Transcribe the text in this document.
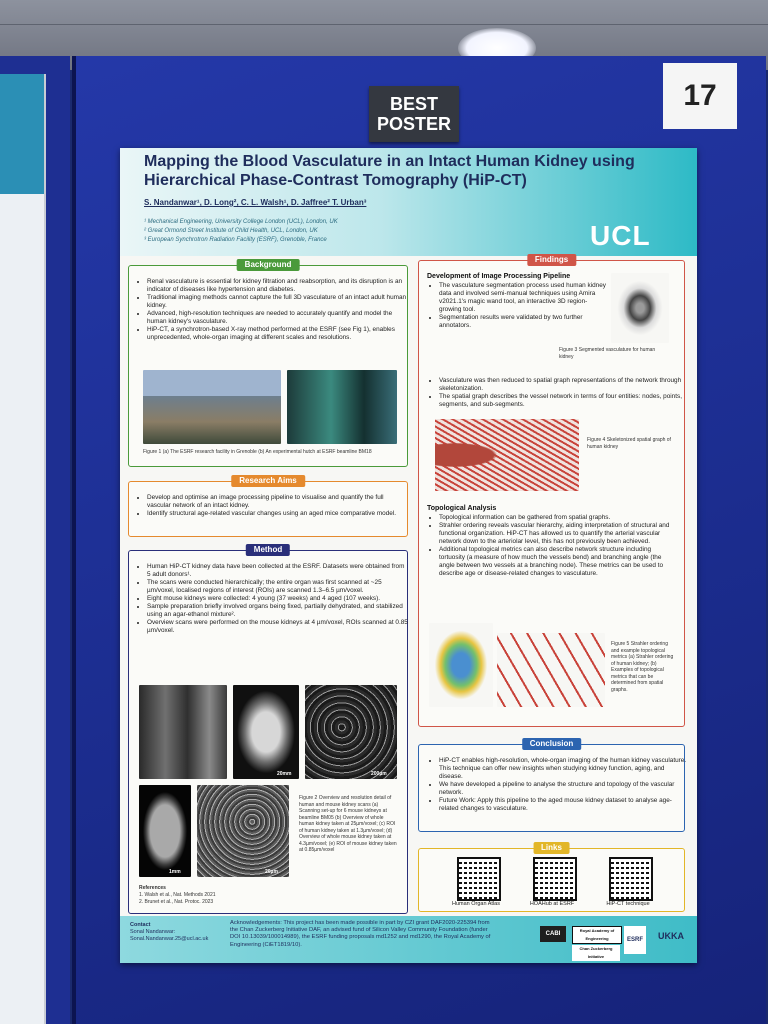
BEST
POSTER
17
Mapping the Blood Vasculature in an Intact Human Kidney using Hierarchical Phase-Contrast Tomography (HiP-CT)
S. Nandanwar¹, D. Long², C. L. Walsh¹, D. Jaffree² T. Urban³
¹ Mechanical Engineering, University College London (UCL), London, UK
² Great Ormond Street Institute of Child Health, UCL, London, UK
³ European Synchrotron Radiation Facility (ESRF), Grenoble, France	UCL
Background
• Renal vasculature is essential for kidney filtration and reabsorption, and its disruption is an indicator of diseases like hypertension and diabetes.
• Traditional imaging methods cannot capture the full 3D vasculature of an intact adult human kidney.
• Advanced, high-resolution techniques are needed to accurately quantify and model the human kidney's vasculature.
• HiP-CT, a synchrotron-based X-ray method performed at the ESRF (see Fig 1), enables unprecedented, whole-organ imaging at different scales and resolutions.
Figure 1 (a) The ESRF research facility in Grenoble (b) An experimental hutch at ESRF beamline BM18
Research Aims
• Develop and optimise an image processing pipeline to visualise and quantify the full vascular network of an intact kidney.
• Identify structural age-related vascular changes using an aged mice comparative model.
Method
• Human HiP-CT kidney data have been collected at the ESRF. Datasets were obtained from 5 adult donors¹.
• The scans were conducted hierarchically; the entire organ was first scanned at ~25 µm/voxel, localised regions of interest (ROIs) are scanned 1.3–6.5 µm/voxel.
• Eight mouse kidneys were collected: 4 young (37 weeks) and 4 aged (107 weeks).
• Sample preparation briefly involved organs being fixed, partially dehydrated, and stabilized using an agar-ethanol mixture².
• Overview scans were performed on the mouse kidneys at 4 µm/voxel, ROIs scanned at 0.85 µm/voxel.
20mm	200µm
1mm	20µm
Figure 2 Overview and resolution detail of human and mouse kidney scans (a) Scanning set-up for 6 mouse kidneys at beamline BM05 (b) Overview of whole human kidney taken at 25µm/voxel; (c) ROI of human kidney taken at 1.3µm/voxel; (d) Overview of whole mouse kidney taken at 4.3µm/voxel; (e) ROI of mouse kidney taken at 0.85µm/voxel
References
1. Walsh et al., Nat. Methods 2021
2. Brunet et al., Nat. Protoc. 2023
Findings
Development of Image Processing Pipeline
• The vasculature segmentation process used human kidney data and involved semi-manual techniques using Amira v2021.1's magic wand tool, an interactive 3D region-growing tool.
• Segmentation results were validated by two further annotators.
Figure 3 Segmented vasculature for human kidney
• Vasculature was then reduced to spatial graph representations of the network through skeletonization.
• The spatial graph describes the vessel network in terms of four entities: nodes, points, segments, and sub-segments.
Figure 4 Skeletonized spatial graph of human kidney
Topological Analysis
• Topological information can be gathered from spatial graphs.
• Strahler ordering reveals vascular hierarchy, aiding interpretation of structural and functional organization. HiP-CT has allowed us to quantify the arterial vascular network down to the arteriolar level, this has not previously been achieved.
• Additional topological metrics can also describe network structure including tortuosity (a measure of how much the vessels bend) and branching angle (the angle between two vessels at a branching node). These metrics can be used to describe age or disease-related changes to vasculature.
Figure 5 Strahler ordering and example topological metrics (a) Strahler ordering of human kidney; (b) Examples of topological metrics that can be determined from spatial graphs.
Conclusion
• HiP-CT enables high-resolution, whole-organ imaging of the human kidney vasculature. This technique can offer new insights when studying kidney function, aging, and disease.
• We have developed a pipeline to analyse the structure and topology of the vascular network.
• Future Work: Apply this pipeline to the aged mouse kidney dataset to analyse age-related changes to vasculature.
Links
Human Organ Atlas	HOAHub at ESRF	HiP-CT technique
Contact
Sonal Nandanwar:
Sonal.Nandanwar.25@ucl.ac.uk
Acknowledgements: This project has been made possible in part by CZI grant DAF2020-225394 from the Chan Zuckerberg Initiative DAF, an advised fund of Silicon Valley Community Foundation (funder DOI 10.13039/100014989), the ESRF funding proposals md1252 and md1290, the Royal Academy of Engineering (CiET1819/10).
CABI
Royal Academy of Engineering
Chan Zuckerberg Initiative
ESRF	UKKA
